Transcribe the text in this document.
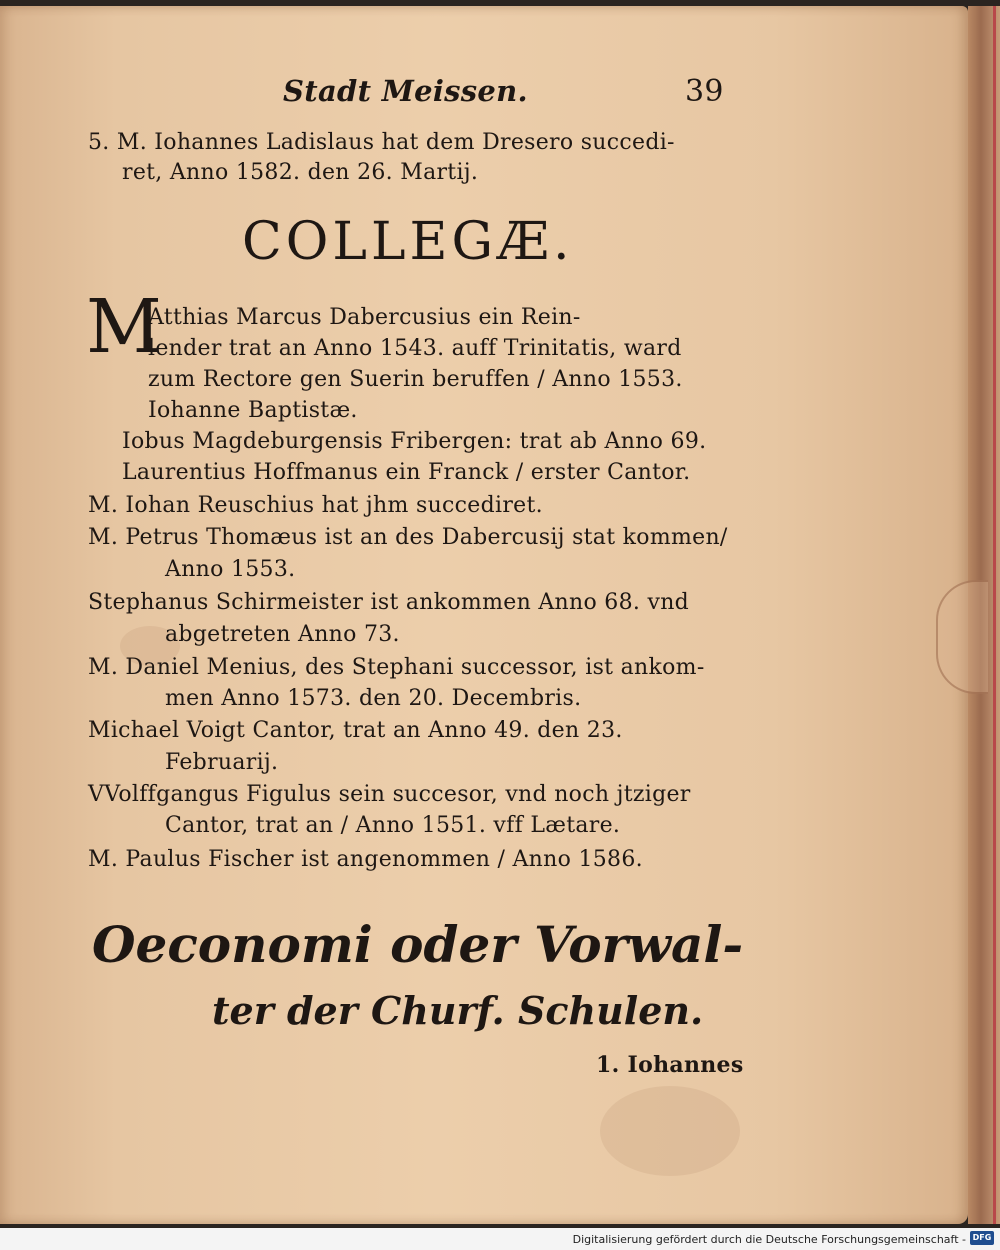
Stadt Meissen.	39
5. M. Iohannes Ladislaus hat dem Dresero succedi-
ret, Anno 1582. den 26. Martij.
COLLEGÆ.
M
Atthias Marcus Dabercusius ein Rein-
lender trat an Anno 1543. auff Trinitatis, ward
zum Rectore gen Suerin beruffen / Anno 1553.
Iohanne Baptistæ.
Iobus Magdeburgensis Fribergen: trat ab Anno 69.
Laurentius Hoffmanus ein Franck / erster Cantor.
M. Iohan Reuschius hat jhm succediret.
M. Petrus Thomæus ist an des Dabercusij stat kommen/
Anno 1553.
Stephanus Schirmeister ist ankommen Anno 68. vnd
abgetreten Anno 73.
M. Daniel Menius, des Stephani successor, ist ankom-
men Anno 1573. den 20. Decembris.
Michael Voigt Cantor, trat an Anno 49. den 23.
Februarij.
VVolffgangus Figulus sein succesor, vnd noch jtziger
Cantor, trat an / Anno 1551. vff Lætare.
M. Paulus Fischer ist angenommen / Anno 1586.
Oeconomi oder Vorwal-
ter der Churf. Schulen.
1. Iohannes
Digitalisierung gefördert durch die Deutsche Forschungsgemeinschaft - DFG
